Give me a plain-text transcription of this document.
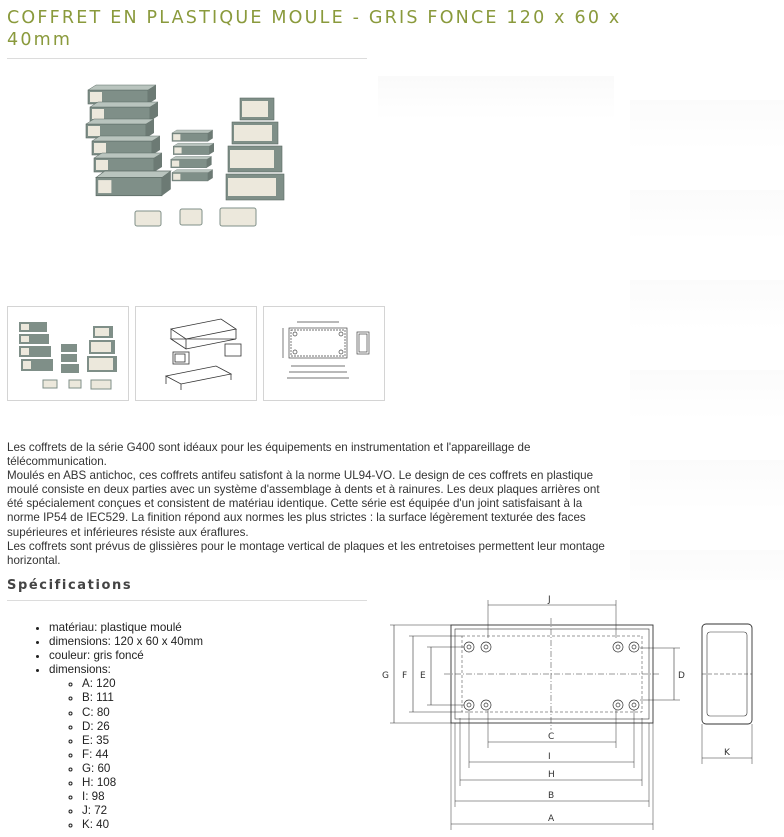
COFFRET EN PLASTIQUE MOULE - GRIS FONCE 120 x 60 x 40mm

Les coffrets de la série G400 sont idéaux pour les équipements en instrumentation et l'appareillage de télécommunication.

Moulés en ABS antichoc, ces coffrets antifeu satisfont à la norme UL94-VO. Le design de ces coffrets en plastique moulé consiste en deux parties avec un système d'assemblage à dents et à rainures. Les deux plaques arrières ont été spécialement conçues et consistent de matériau identique. Cette série est équipée d'un joint satisfaisant à la norme IP54 de IEC529. La finition répond aux normes les plus strictes : la surface légèrement texturée des faces supérieures et inférieures résiste aux éraflures.

Les coffrets sont prévus de glissières pour le montage vertical de plaques et les entretoises permettent leur montage horizontal.

Spécifications
• matériau: plastique moulé
• dimensions: 120 x 60 x 40mm
• couleur: gris foncé
• dimensions:
◦ A: 120
◦ B: 111
◦ C: 80
◦ D: 26
◦ E: 35
◦ F: 44
◦ G: 60
◦ H: 108
◦ I: 98
◦ J: 72
◦ K: 40
J
C
I
H
B
A
G F E	D
K
